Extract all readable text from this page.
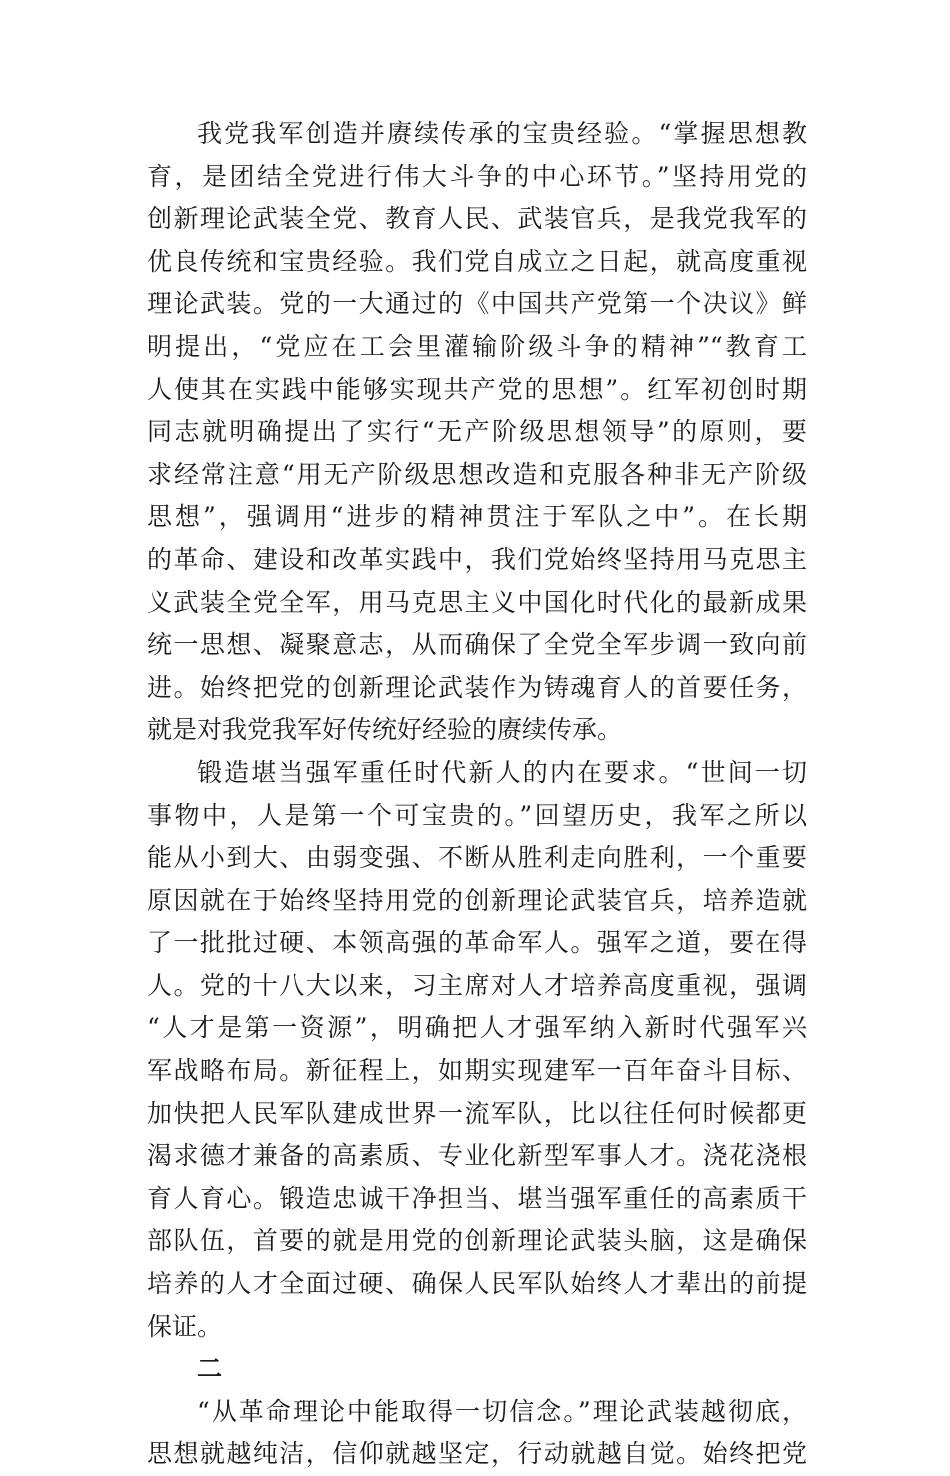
我党我军创造并赓续传承的宝贵经验。“掌握思想教
育，是团结全党进行伟大斗争的中心环节。”坚持用党的
创新理论武装全党、教育人民、武装官兵，是我党我军的
优良传统和宝贵经验。我们党自成立之日起，就高度重视
理论武装。党的一大通过的《中国共产党第一个决议》鲜
明提出，“党应在工会里灌输阶级斗争的精神”“教育工
人使其在实践中能够实现共产党的思想”。红军初创时期
同志就明确提出了实行“无产阶级思想领导”的原则，要
求经常注意“用无产阶级思想改造和克服各种非无产阶级
思想”，强调用“进步的精神贯注于军队之中”。在长期
的革命、建设和改革实践中，我们党始终坚持用马克思主
义武装全党全军，用马克思主义中国化时代化的最新成果
统一思想、凝聚意志，从而确保了全党全军步调一致向前
进。始终把党的创新理论武装作为铸魂育人的首要任务，
就是对我党我军好传统好经验的赓续传承。
锻造堪当强军重任时代新人的内在要求。“世间一切
事物中，人是第一个可宝贵的。”回望历史，我军之所以
能从小到大、由弱变强、不断从胜利走向胜利，一个重要
原因就在于始终坚持用党的创新理论武装官兵，培养造就
了一批批过硬、本领高强的革命军人。强军之道，要在得
人。党的十八大以来，习主席对人才培养高度重视，强调
“人才是第一资源”，明确把人才强军纳入新时代强军兴
军战略布局。新征程上，如期实现建军一百年奋斗目标、
加快把人民军队建成世界一流军队，比以往任何时候都更
渴求德才兼备的高素质、专业化新型军事人才。浇花浇根
育人育心。锻造忠诚干净担当、堪当强军重任的高素质干
部队伍，首要的就是用党的创新理论武装头脑，这是确保
培养的人才全面过硬、确保人民军队始终人才辈出的前提
保证。
二
“从革命理论中能取得一切信念。”理论武装越彻底，
思想就越纯洁，信仰就越坚定，行动就越自觉。始终把党
